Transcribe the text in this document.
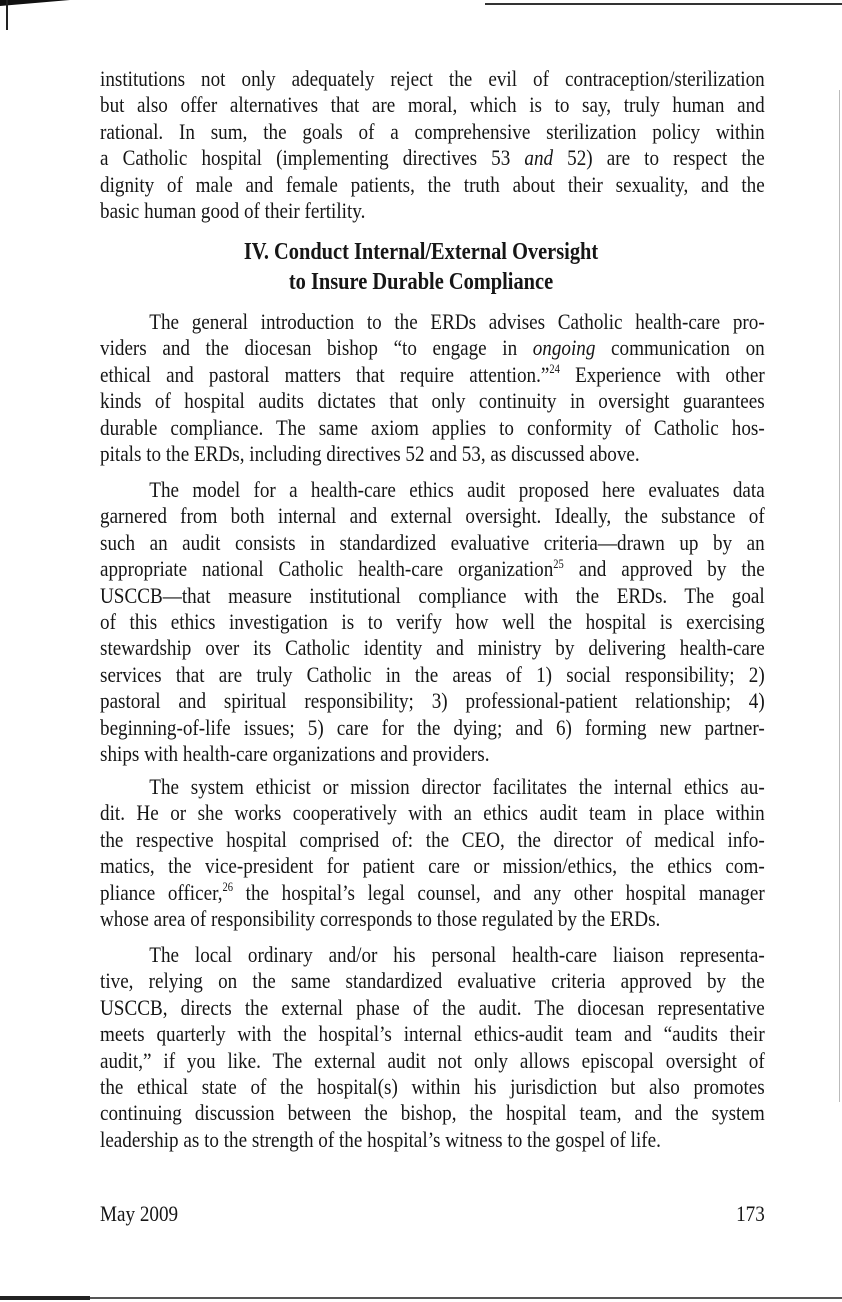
institutions not only adequately reject the evil of contraception/sterilization
but also offer alternatives that are moral, which is to say, truly human and
rational. In sum, the goals of a comprehensive sterilization policy within
a Catholic hospital (implementing directives 53 and 52) are to respect the
dignity of male and female patients, the truth about their sexuality, and the
basic human good of their fertility.
IV. Conduct Internal/External Oversight
to Insure Durable Compliance
The general introduction to the ERDs advises Catholic health-care pro-
viders and the diocesan bishop “to engage in ongoing communication on
ethical and pastoral matters that require attention.”$^{24}$ Experience with other
kinds of hospital audits dictates that only continuity in oversight guarantees
durable compliance. The same axiom applies to conformity of Catholic hos-
pitals to the ERDs, including directives 52 and 53, as discussed above.
The model for a health-care ethics audit proposed here evaluates data
garnered from both internal and external oversight. Ideally, the substance of
such an audit consists in standardized evaluative criteria—drawn up by an
appropriate national Catholic health-care organization$^{25}$ and approved by the
USCCB—that measure institutional compliance with the ERDs. The goal
of this ethics investigation is to verify how well the hospital is exercising
stewardship over its Catholic identity and ministry by delivering health-care
services that are truly Catholic in the areas of 1) social responsibility; 2)
pastoral and spiritual responsibility; 3) professional-patient relationship; 4)
beginning-of-life issues; 5) care for the dying; and 6) forming new partner-
ships with health-care organizations and providers.
The system ethicist or mission director facilitates the internal ethics au-
dit. He or she works cooperatively with an ethics audit team in place within
the respective hospital comprised of: the CEO, the director of medical info-
matics, the vice-president for patient care or mission/ethics, the ethics com-
pliance officer,$^{26}$ the hospital’s legal counsel, and any other hospital manager
whose area of responsibility corresponds to those regulated by the ERDs.
The local ordinary and/or his personal health-care liaison representa-
tive, relying on the same standardized evaluative criteria approved by the
USCCB, directs the external phase of the audit. The diocesan representative
meets quarterly with the hospital’s internal ethics-audit team and “audits their
audit,” if you like. The external audit not only allows episcopal oversight of
the ethical state of the hospital(s) within his jurisdiction but also promotes
continuing discussion between the bishop, the hospital team, and the system
leadership as to the strength of the hospital’s witness to the gospel of life.
May 2009	173
